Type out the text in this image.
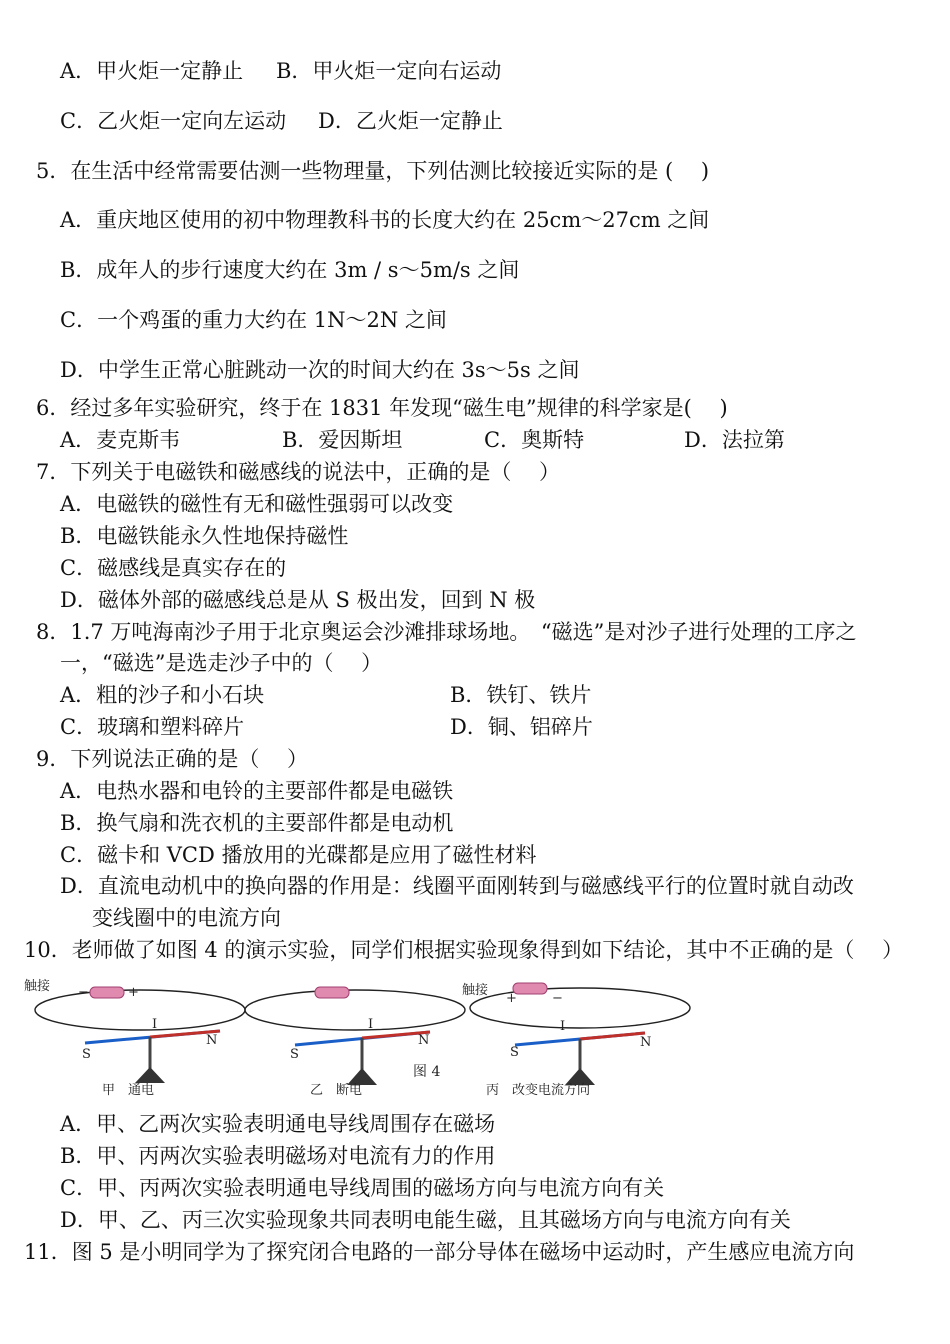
A．甲火炬一定静止 B．甲火炬一定向右运动
C．乙火炬一定向左运动 D．乙火炬一定静止
5．在生活中经常需要估测一些物理量，下列估测比较接近实际的是 (　 )
A．重庆地区使用的初中物理教科书的长度大约在 25cm～27cm 之间
B．成年人的步行速度大约在 3m / s～5m/s 之间
C．一个鸡蛋的重力大约在 1N～2N 之间
D．中学生正常心脏跳动一次的时间大约在 3s～5s 之间
6．经过多年实验研究，终于在 1831 年发现“磁生电”规律的科学家是(　 )
A．麦克斯韦	B．爱因斯坦	C．奥斯特	D．法拉第
7．下列关于电磁铁和磁感线的说法中，正确的是（　 ）
A．电磁铁的磁性有无和磁性强弱可以改变
B．电磁铁能永久性地保持磁性
C．磁感线是真实存在的
D．磁体外部的磁感线总是从 S 极出发，回到 N 极
8．1.7 万吨海南沙子用于北京奥运会沙滩排球场地。　“磁选”是对沙子进行处理的工序之
一，“磁选”是选走沙子中的（　 ）
A．粗的沙子和小石块	B．铁钉、铁片
C．玻璃和塑料碎片	D．铜、铝碎片
9．下列说法正确的是（　 ）
A．电热水器和电铃的主要部件都是电磁铁
B．换气扇和洗衣机的主要部件都是电动机
C．磁卡和 VCD 播放用的光碟都是应用了磁性材料
D．直流电动机中的换向器的作用是：线圈平面刚转到与磁感线平行的位置时就自动改
变线圈中的电流方向
10．老师做了如图 4 的演示实验，同学们根据实验现象得到如下结论，其中不正确的是（　 ）
触接 −	+
I
S
N
甲　通电
I
S
N
乙　断电
图 4
触接
+	−
I
S
N
丙　改变电流方向
A．甲、乙两次实验表明通电导线周围存在磁场
B．甲、丙两次实验表明磁场对电流有力的作用
C．甲、丙两次实验表明通电导线周围的磁场方向与电流方向有关
D．甲、乙、丙三次实验现象共同表明电能生磁，且其磁场方向与电流方向有关
11．图 5 是小明同学为了探究闭合电路的一部分导体在磁场中运动时，产生感应电流方向
